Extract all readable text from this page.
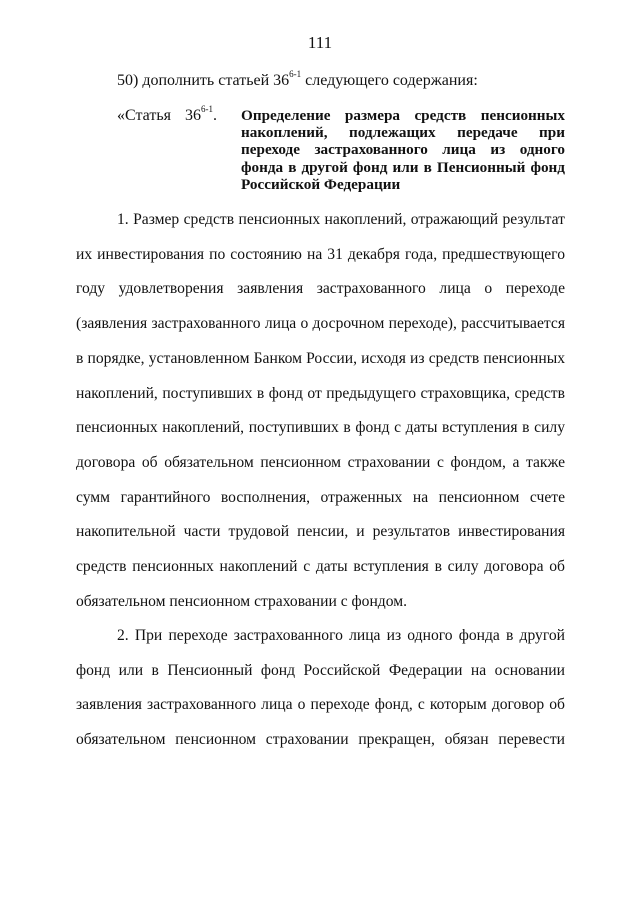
111
50) дополнить статьей 36$^{6-1}$ следующего содержания:
«Статья 36$^{6-1}$.	Определение размера средств пенсионных накоплений, подлежащих передаче при переходе застрахованного лица из одного фонда в другой фонд или в Пенсионный фонд Российской Федерации

1. Размер средств пенсионных накоплений, отражающий результат их инвестирования по состоянию на 31 декабря года, предшествующего году удовлетворения заявления застрахованного лица о переходе (заявления застрахованного лица о досрочном переходе), рассчитывается в порядке, установленном Банком России, исходя из средств пенсионных накоплений, поступивших в фонд от предыдущего страховщика, средств пенсионных накоплений, поступивших в фонд с даты вступления в силу договора об обязательном пенсионном страховании с фондом, а также сумм гарантийного восполнения, отраженных на пенсионном счете накопительной части трудовой пенсии, и результатов инвестирования средств пенсионных накоплений с даты вступления в силу договора об обязательном пенсионном страховании с фондом.

2. При переходе застрахованного лица из одного фонда в другой фонд или в Пенсионный фонд Российской Федерации на основании заявления застрахованного лица о переходе фонд, с которым договор об обязательном пенсионном страховании прекращен, обязан перевести
